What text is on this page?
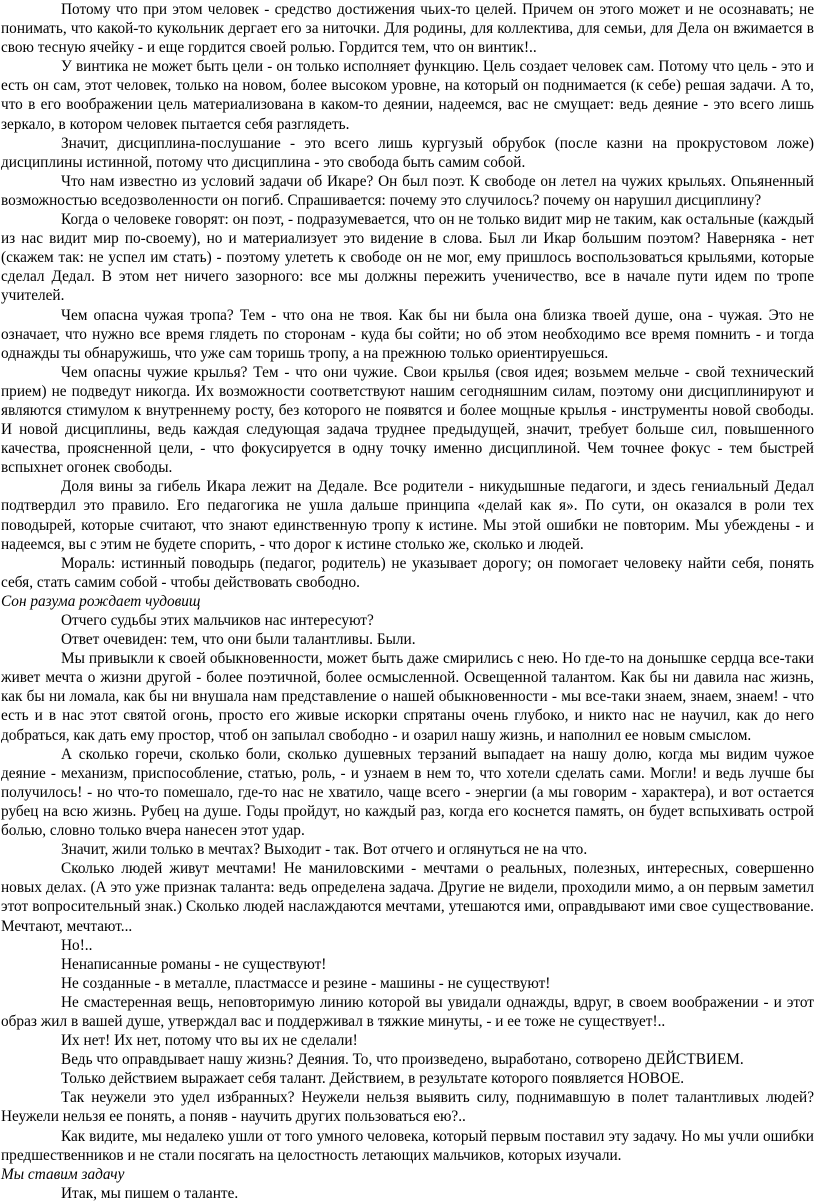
Потому что при этом человек - средство достижения чьих-то целей. Причем он этого может и не осознавать; не понимать, что какой-то кукольник дергает его за ниточки. Для родины, для коллектива, для семьи, для Дела он вжимается в свою тесную ячейку - и еще гордится своей ролью. Гордится тем, что он винтик!..

У винтика не может быть цели - он только исполняет функцию. Цель создает человек сам. Потому что цель - это и есть он сам, этот человек, только на новом, более высоком уровне, на который он поднимается (к себе) решая задачи. А то, что в его воображении цель материализована в каком-то деянии, надеемся, вас не смущает: ведь деяние - это всего лишь зеркало, в котором человек пытается себя разглядеть.

Значит, дисциплина-послушание - это всего лишь кургузый обрубок (после казни на прокрустовом ложе) дисциплины истинной, потому что дисциплина - это свобода быть самим собой.

Что нам известно из условий задачи об Икаре? Он был поэт. К свободе он летел на чужих крыльях. Опьяненный возможностью вседозволенности он погиб. Спрашивается: почему это случилось? почему он нарушил дисциплину?

Когда о человеке говорят: он поэт, - подразумевается, что он не только видит мир не таким, как остальные (каждый из нас видит мир по-своему), но и материализует это видение в слова. Был ли Икар большим поэтом? Наверняка - нет (скажем так: не успел им стать) - поэтому улететь к свободе он не мог, ему пришлось воспользоваться крыльями, которые сделал Дедал. В этом нет ничего зазорного: все мы должны пережить ученичество, все в начале пути идем по тропе учителей.

Чем опасна чужая тропа? Тем - что она не твоя. Как бы ни была она близка твоей душе, она - чужая. Это не означает, что нужно все время глядеть по сторонам - куда бы сойти; но об этом необходимо все время помнить - и тогда однажды ты обнаружишь, что уже сам торишь тропу, а на прежнюю только ориентируешься.

Чем опасны чужие крылья? Тем - что они чужие. Свои крылья (своя идея; возьмем мельче - свой технический прием) не подведут никогда. Их возможности соответствуют нашим сегодняшним силам, поэтому они дисциплинируют и являются стимулом к внутреннему росту, без которого не появятся и более мощные крылья - инструменты новой свободы. И новой дисциплины, ведь каждая следующая задача труднее предыдущей, значит, требует больше сил, повышенного качества, проясненной цели, - что фокусируется в одну точку именно дисциплиной. Чем точнее фокус - тем быстрей вспыхнет огонек свободы.

Доля вины за гибель Икара лежит на Дедале. Все родители - никудышные педагоги, и здесь гениальный Дедал подтвердил это правило. Его педагогика не ушла дальше принципа «делай как я». По сути, он оказался в роли тех поводырей, которые считают, что знают единственную тропу к истине. Мы этой ошибки не повторим. Мы убеждены - и надеемся, вы с этим не будете спорить, - что дорог к истине столько же, сколько и людей.

Мораль: истинный поводырь (педагог, родитель) не указывает дорогу; он помогает человеку найти себя, понять себя, стать самим собой - чтобы действовать свободно.

Сон разума рождает чудовищ

Отчего судьбы этих мальчиков нас интересуют?

Ответ очевиден: тем, что они были талантливы. Были.

Мы привыкли к своей обыкновенности, может быть даже смирились с нею. Но где-то на донышке сердца все-таки живет мечта о жизни другой - более поэтичной, более осмысленной. Освещенной талантом. Как бы ни давила нас жизнь, как бы ни ломала, как бы ни внушала нам представление о нашей обыкновенности - мы все-таки знаем, знаем, знаем! - что есть и в нас этот святой огонь, просто его живые искорки спрятаны очень глубоко, и никто нас не научил, как до него добраться, как дать ему простор, чтоб он запылал свободно - и озарил нашу жизнь, и наполнил ее новым смыслом.

А сколько горечи, сколько боли, сколько душевных терзаний выпадает на нашу долю, когда мы видим чужое деяние - механизм, приспособление, статью, роль, - и узнаем в нем то, что хотели сделать сами. Могли! и ведь лучше бы получилось! - но что-то помешало, где-то нас не хватило, чаще всего - энергии (а мы говорим - характера), и вот остается рубец на всю жизнь. Рубец на душе. Годы пройдут, но каждый раз, когда его коснется память, он будет вспыхивать острой болью, словно только вчера нанесен этот удар.

Значит, жили только в мечтах? Выходит - так. Вот отчего и оглянуться не на что.

Сколько людей живут мечтами! Не маниловскими - мечтами о реальных, полезных, интересных, совершенно новых делах. (А это уже признак таланта: ведь определена задача. Другие не видели, проходили мимо, а он первым заметил этот вопросительный знак.) Сколько людей наслаждаются мечтами, утешаются ими, оправдывают ими свое существование. Мечтают, мечтают...

Но!..

Ненаписанные романы - не существуют!

Не созданные - в металле, пластмассе и резине - машины - не существуют!

Не смастеренная вещь, неповторимую линию которой вы увидали однажды, вдруг, в своем воображении - и этот образ жил в вашей душе, утверждал вас и поддерживал в тяжкие минуты, - и ее тоже не существует!..

Их нет! Их нет, потому что вы их не сделали!

Ведь что оправдывает нашу жизнь? Деяния. То, что произведено, выработано, сотворено ДЕЙСТВИЕМ.

Только действием выражает себя талант. Действием, в результате которого появляется НОВОЕ.

Так неужели это удел избранных? Неужели нельзя выявить силу, поднимавшую в полет талантливых людей? Неужели нельзя ее понять, а поняв - научить других пользоваться ею?..

Как видите, мы недалеко ушли от того умного человека, который первым поставил эту задачу. Но мы учли ошибки предшественников и не стали посягать на целостность летающих мальчиков, которых изучали.

Мы ставим задачу

Итак, мы пишем о таланте.
